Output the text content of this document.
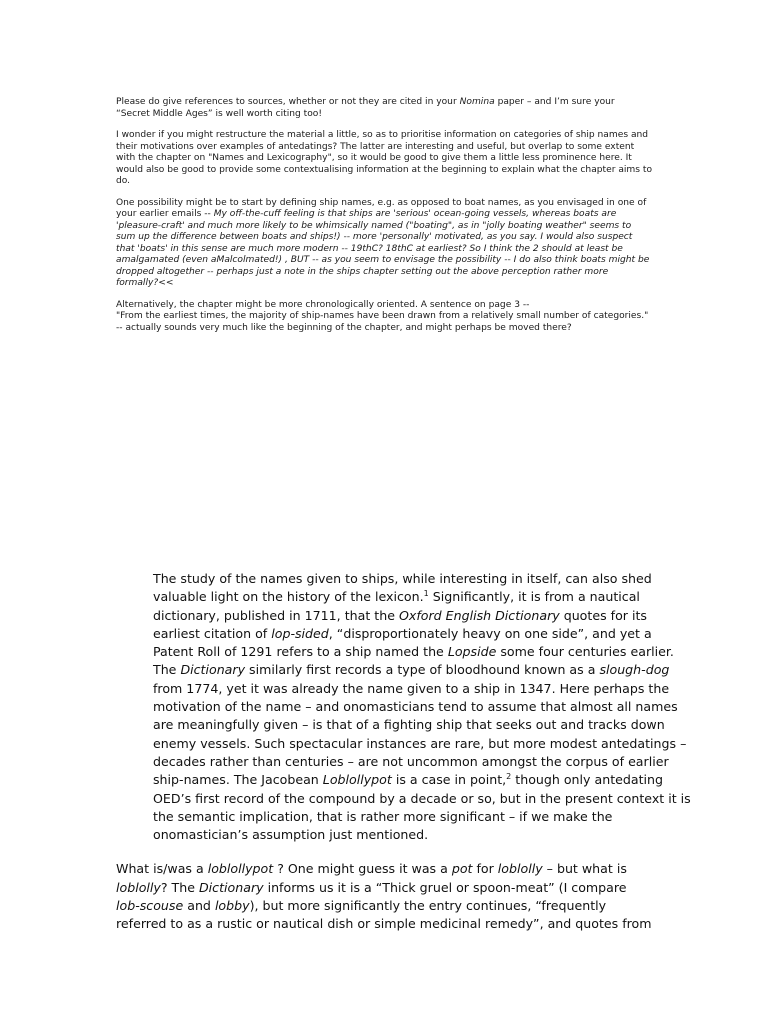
Please do give references to sources, whether or not they are cited in your Nomina paper – and I’m sure your
“Secret Middle Ages” is well worth citing too!

I wonder if you might restructure the material a little, so as to prioritise information on categories of ship names and
their motivations over examples of antedatings? The latter are interesting and useful, but overlap to some extent
with the chapter on "Names and Lexicography", so it would be good to give them a little less prominence here. It
would also be good to provide some contextualising information at the beginning to explain what the chapter aims to
do.

One possibility might be to start by defining ship names, e.g. as opposed to boat names, as you envisaged in one of
your earlier emails -- My off-the-cuff feeling is that ships are 'serious' ocean-going vessels, whereas boats are
'pleasure-craft' and much more likely to be whimsically named ("boating", as in "jolly boating weather" seems to
sum up the difference between boats and ships!) -- more 'personally' motivated, as you say. I would also suspect
that 'boats' in this sense are much more modern -- 19thC? 18thC at earliest? So I think the 2 should at least be
amalgamated (even aMalcolmated!) , BUT -- as you seem to envisage the possibility -- I do also think boats might be
dropped altogether -- perhaps just a note in the ships chapter setting out the above perception rather more
formally?<<

Alternatively, the chapter might be more chronologically oriented. A sentence on page 3 --
"From the earliest times, the majority of ship-names have been drawn from a relatively small number of categories."
-- actually sounds very much like the beginning of the chapter, and might perhaps be moved there?

The study of the names given to ships, while interesting in itself, can also shed
valuable light on the history of the lexicon.$^1$ Significantly, it is from a nautical
dictionary, published in 1711, that the Oxford English Dictionary quotes for its
earliest citation of lop-sided, “disproportionately heavy on one side”, and yet a
Patent Roll of 1291 refers to a ship named the Lopside some four centuries earlier.
The Dictionary similarly first records a type of bloodhound known as a slough-dog
from 1774, yet it was already the name given to a ship in 1347. Here perhaps the
motivation of the name – and onomasticians tend to assume that almost all names
are meaningfully given – is that of a fighting ship that seeks out and tracks down
enemy vessels. Such spectacular instances are rare, but more modest antedatings –
decades rather than centuries – are not uncommon amongst the corpus of earlier
ship-names. The Jacobean Loblollypot is a case in point,$^2$ though only antedating
OED’s first record of the compound by a decade or so, but in the present context it is
the semantic implication, that is rather more significant – if we make the
onomastician’s assumption just mentioned.

What is/was a loblollypot ? One might guess it was a pot for loblolly – but what is
loblolly? The Dictionary informs us it is a “Thick gruel or spoon-meat” (I compare
lob-scouse and lobby), but more significantly the entry continues, “frequently
referred to as a rustic or nautical dish or simple medicinal remedy”, and quotes from
